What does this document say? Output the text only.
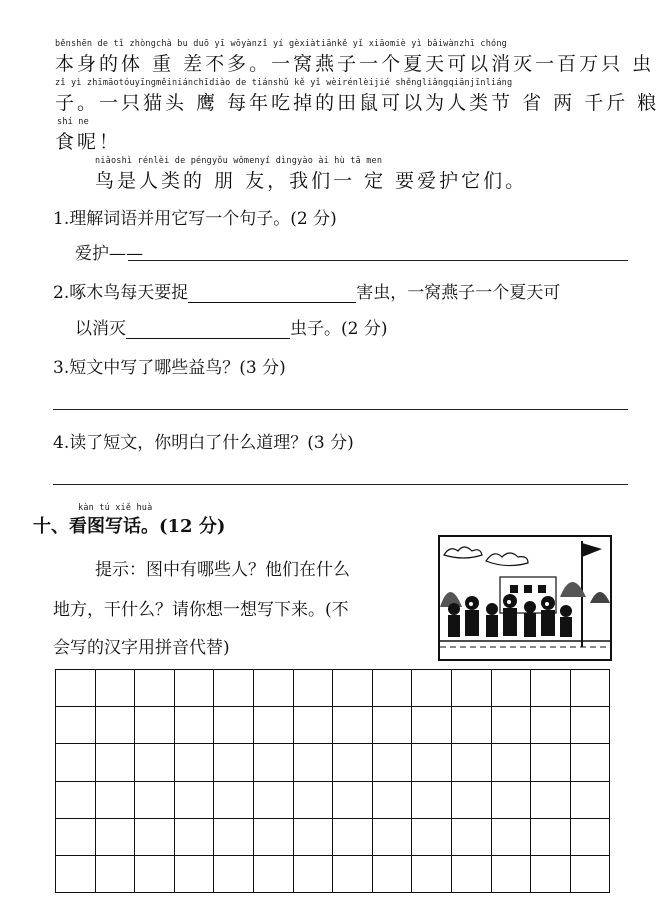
běnshēn de tǐ zhòngchà bu duō yī wōyànzǐ yí gèxiàtiānkě yǐ xiāomiè yì bǎiwànzhī chóng
本身的体 重 差不多。一窝燕子一个夏天可以消灭一百万只 虫
zǐ yì zhīmāotóuyīngměiniánchīdiào de tiánshǔ kě yǐ wèirénlèijié shěngliǎngqiānjīnliáng
子。一只猫头 鹰 每年吃掉的田鼠可以为人类节 省 两 千斤 粮
shí ne
食呢！
niǎoshì rénlèi de péngyǒu wǒmenyí dìngyào ài hù tā men
鸟是人类的 朋 友，我们一 定 要爱护它们。
1.理解词语并用它写一个句子。(2 分)
爱护——
2.啄木鸟每天要捉	害虫，一窝燕子一个夏天可
以消灭	虫子。(2 分)
3.短文中写了哪些益鸟？(3 分)
4.读了短文，你明白了什么道理？(3 分)
kàn tú xiě huà
十、看图写话。(12 分)
提示：图中有哪些人？他们在什么
地方，干什么？请你想一想写下来。(不
会写的汉字用拼音代替)
